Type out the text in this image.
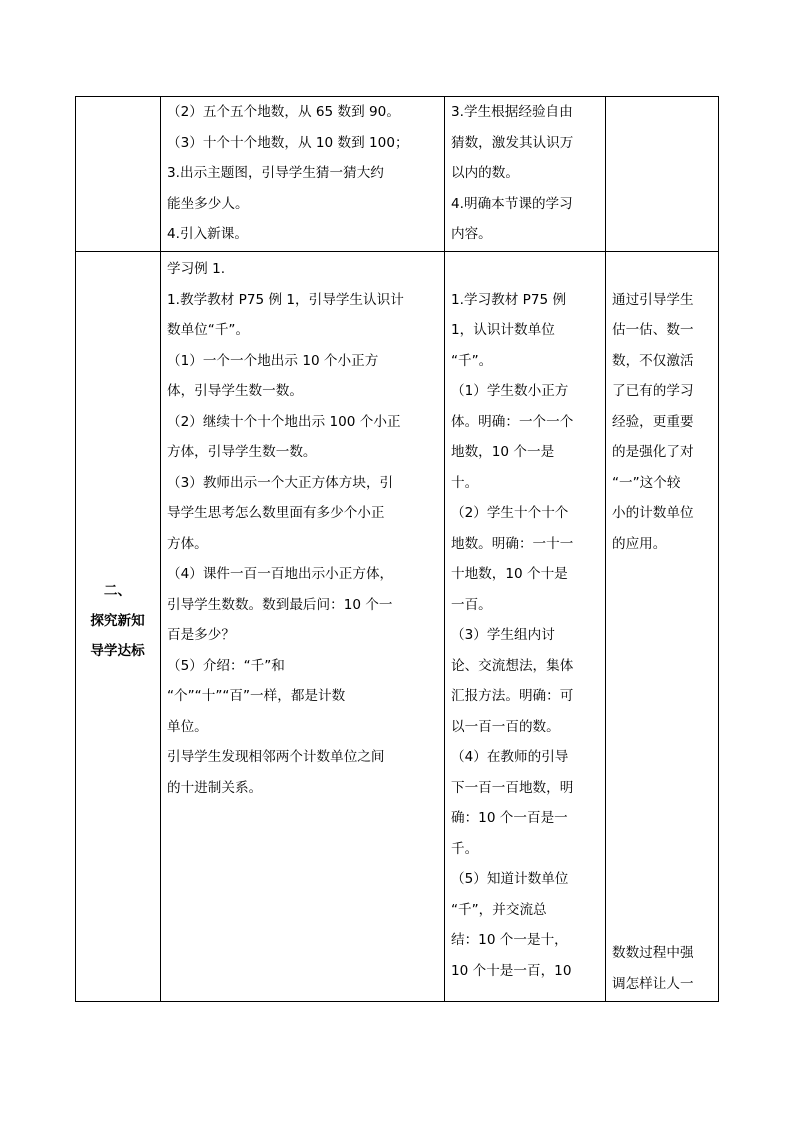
（2）五个五个地数，从 65 数到 90。
（3）十个十个地数，从 10 数到 100；
3.出示主题图，引导学生猜一猜大约
能坐多少人。
4.引入新课。
3.学生根据经验自由
猜数，激发其认识万
以内的数。
4.明确本节课的学习
内容。
二、
探究新知
导学达标
学习例 1.
1.教学教材 P75 例 1，引导学生认识计
数单位“千”。
（1）一个一个地出示 10 个小正方
体，引导学生数一数。
（2）继续十个十个地出示 100 个小正
方体，引导学生数一数。
（3）教师出示一个大正方体方块，引
导学生思考怎么数里面有多少个小正
方体。
（4）课件一百一百地出示小正方体，
引导学生数数。数到最后问：10 个一
百是多少？
（5）介绍：“千”和
“个”“十”“百”一样，都是计数
单位。
引导学生发现相邻两个计数单位之间
的十进制关系。
1.学习教材 P75 例
1，认识计数单位
“千”。
（1）学生数小正方
体。明确：一个一个
地数，10 个一是
十。
（2）学生十个十个
地数。明确：一十一
十地数，10 个十是
一百。
（3）学生组内讨
论、交流想法，集体
汇报方法。明确：可
以一百一百的数。
（4）在教师的引导
下一百一百地数，明
确：10 个一百是一
千。
（5）知道计数单位
“千”，并交流总
结：10 个一是十，
10 个十是一百，10
通过引导学生
估一估、数一
数，不仅激活
了已有的学习
经验，更重要
的是强化了对
“一”这个较
小的计数单位
的应用。
数数过程中强
调怎样让人一
